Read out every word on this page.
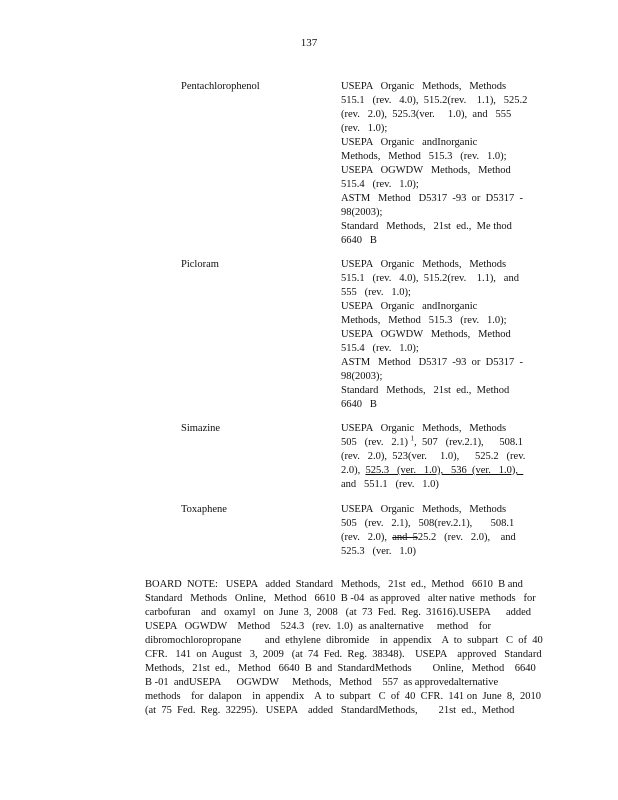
137
Pentachlorophenol	USEPA   Organic   Methods,   Methods
515.1   (rev.   4.0),  515.2(rev.    1.1),   525.2
(rev.   2.0),  525.3(ver.     1.0),  and   555
(rev.   1.0);
USEPA   Organic   andInorganic
Methods,   Method   515.3   (rev.   1.0);
USEPA   OGWDW   Methods,   Method
515.4   (rev.   1.0);
ASTM   Method   D5317  -93  or  D5317  -
98(2003);
Standard   Methods,   21st  ed.,  Me thod
6640   B
Picloram	USEPA   Organic   Methods,   Methods
515.1   (rev.   4.0),  515.2(rev.    1.1),   and
555   (rev.   1.0);
USEPA   Organic   andInorganic
Methods,   Method   515.3   (rev.   1.0);
USEPA   OGWDW   Methods,   Method
515.4   (rev.   1.0);
ASTM   Method   D5317  -93  or  D5317  -
98(2003);
Standard   Methods,   21st  ed.,  Method
6640   B
Simazine	USEPA   Organic   Methods,   Methods
505   (rev.   2.1) $^1$,  507   (rev.2.1),      508.1
(rev.   2.0),  523(ver.     1.0),      525.2   (rev.
2.0),  525.3   (ver.   1.0),   536  (ver.   1.0),
and   551.1   (rev.   1.0)
Toxaphene	USEPA   Organic   Methods,   Methods
505   (rev.   2.1),   508(rev.2.1),       508.1
(rev.   2.0),  and  525.2   (rev.   2.0),    and
525.3   (ver.   1.0)
BOARD  NOTE:   USEPA   added  Standard   Methods,   21st  ed.,  Method   6610  B and
Standard   Methods   Online,   Method   6610  B -04  as approved   alter native  methods   for
carbofuran    and   oxamyl   on  June  3,  2008   (at  73  Fed.  Reg.  31616).USEPA      added
USEPA   OGWDW    Method    524.3   (rev.  1.0)  as analternative     method    for
dibromochloropropane         and  ethylene  dibromide    in  appendix    A  to  subpart   C  of  40
CFR.   141  on  August   3,  2009   (at  74  Fed.  Reg.  38348).    USEPA    approved   Standard
Methods,   21st  ed.,   Method   6640  B  and  StandardMethods        Online,   Method    6640
B -01  andUSEPA      OGWDW     Methods,   Method    557  as approvedalternative
methods    for  dalapon    in  appendix    A  to  subpart   C  of  40  CFR.  141 on  June  8,  2010
(at  75  Fed.  Reg.  32295).   USEPA    added   StandardMethods,        21st  ed.,  Method
